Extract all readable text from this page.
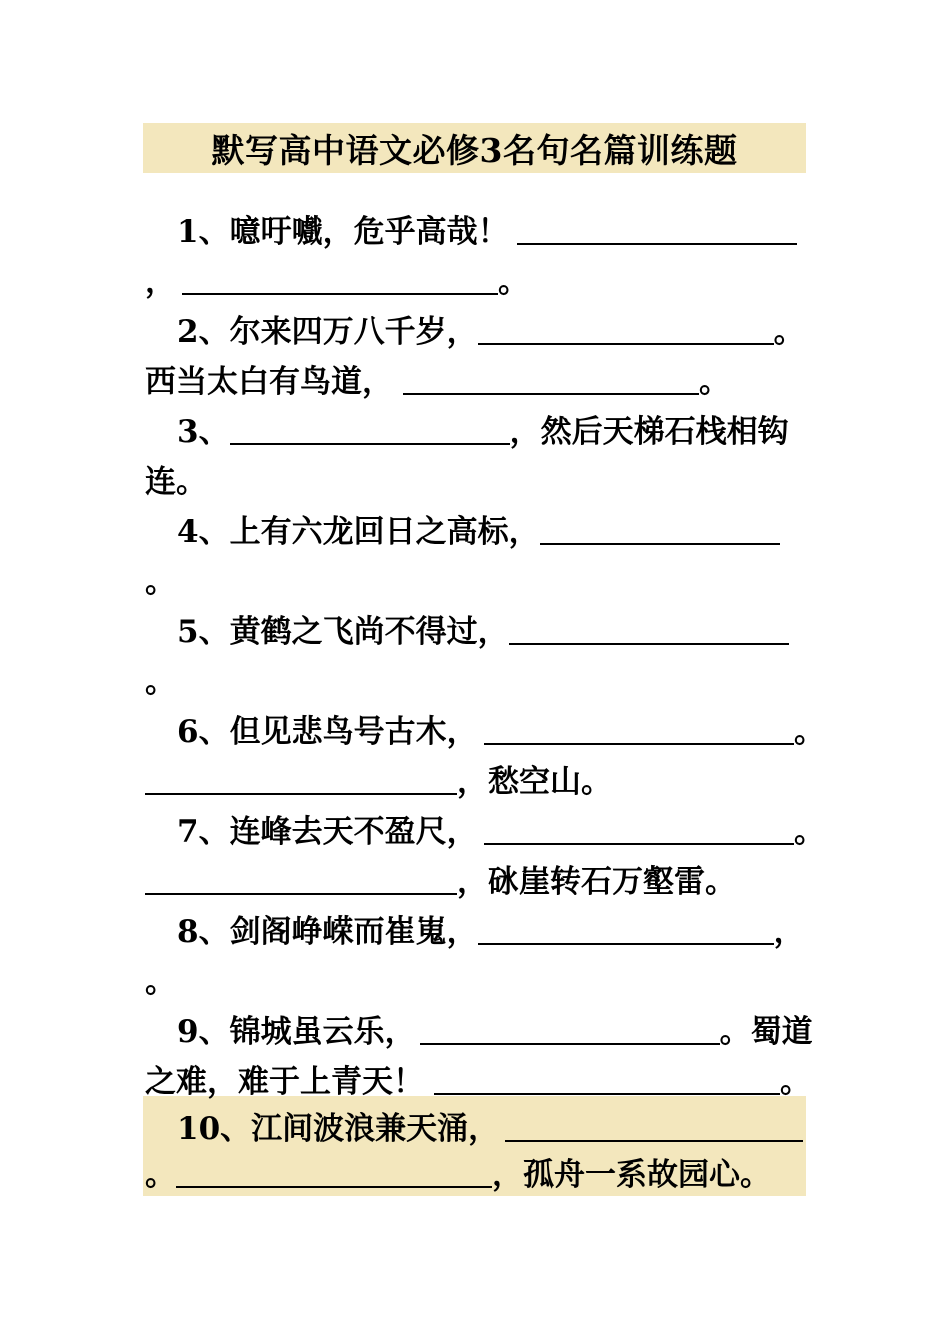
默写高中语文必修3名句名篇训练题
1、 噫吁嚱，危乎高哉！
，	。
2、 尔来四万八千岁，	。
西当太白有鸟道，	。
3、	，然后天梯石栈相钩
连。
4、 上有六龙回日之高标，
。
5、 黄鹤之飞尚不得过，
。
6、 但见悲鸟号古木，	。
，愁空山。
7、 连峰去天不盈尺，	。
，砯崖转石万壑雷。
8、 剑阁峥嵘而崔嵬，	，
。
9、 锦城虽云乐，	。蜀道
之难，难于上青天！	。
10、 江间波浪兼天涌，
。	，孤舟一系故园心。
